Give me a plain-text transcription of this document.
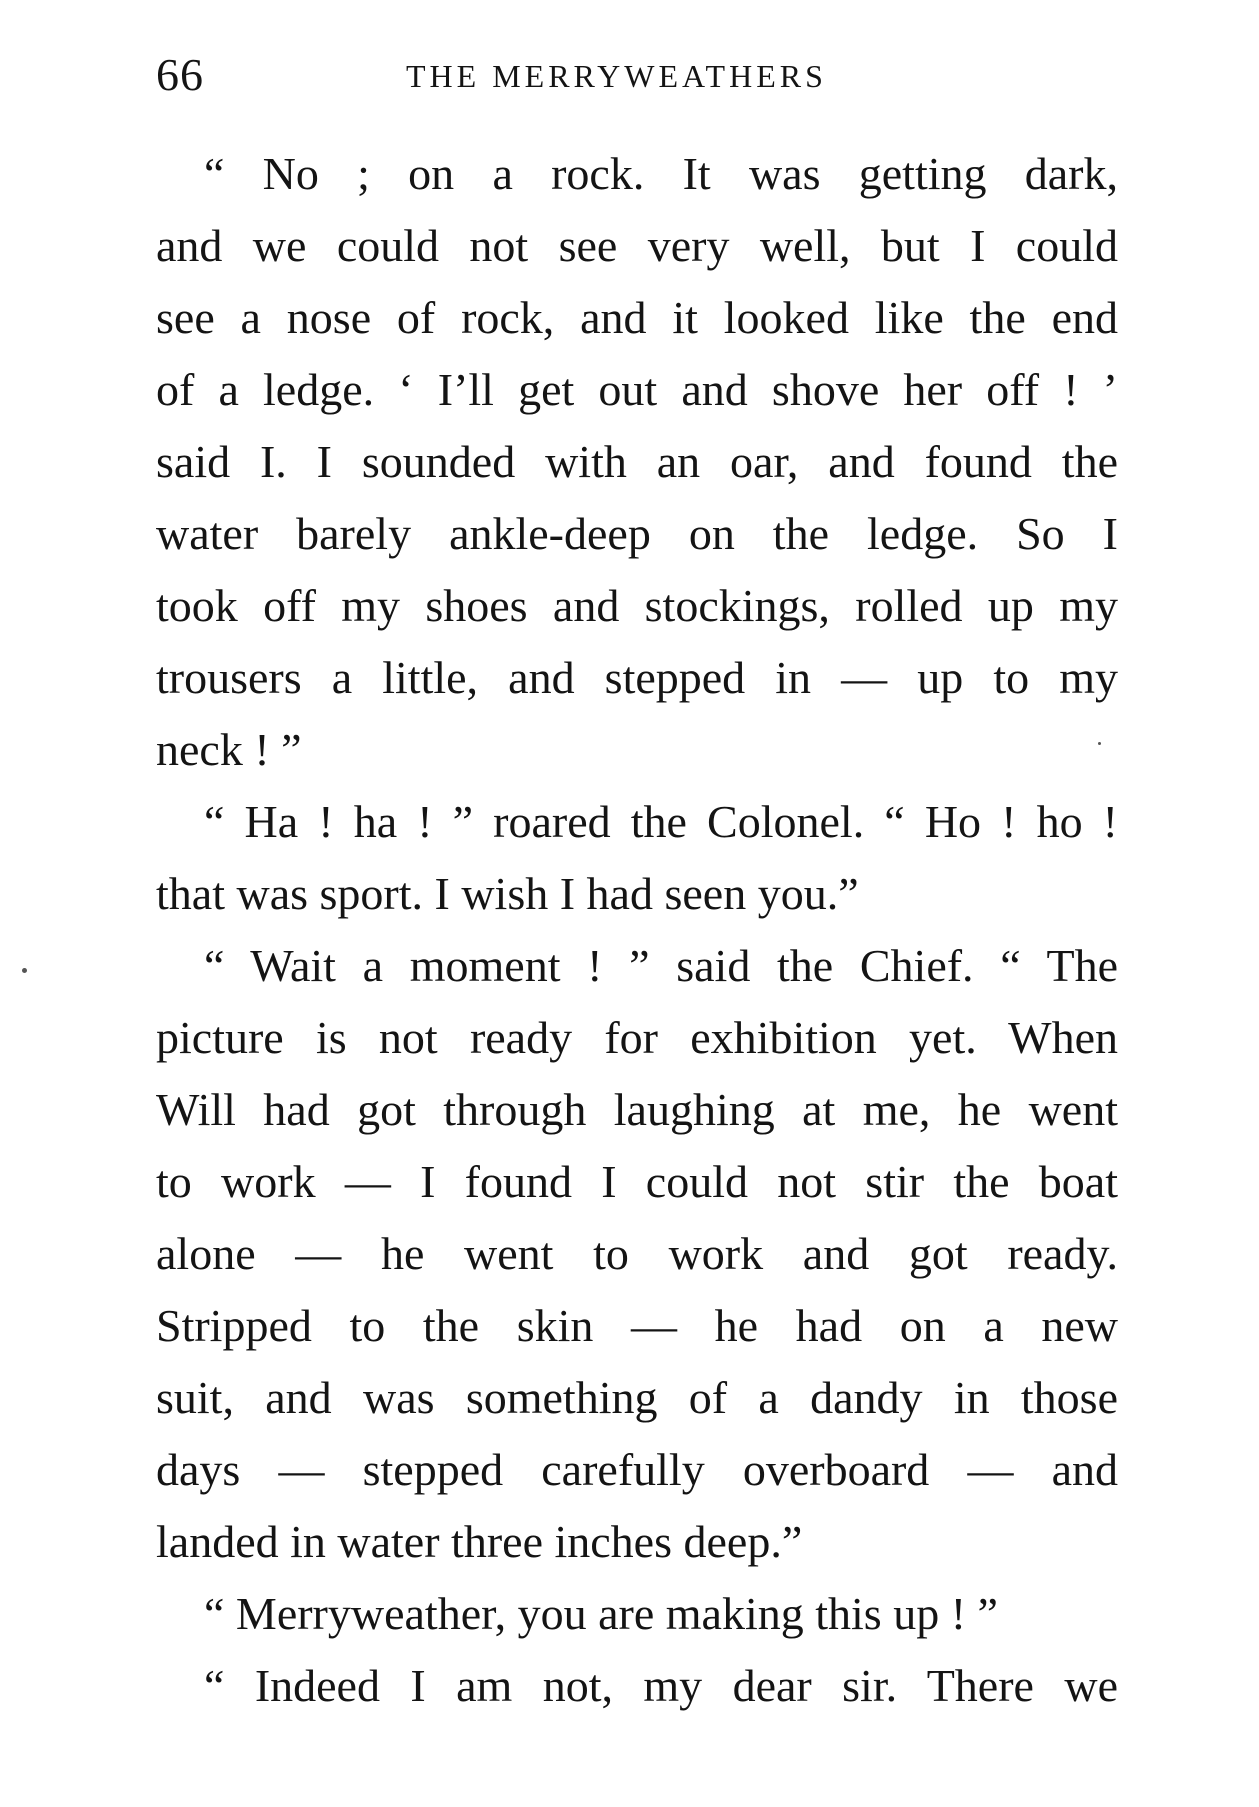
66	THE MERRYWEATHERS
“ No ; on a rock. It was getting dark,
and we could not see very well, but I could
see a nose of rock, and it looked like the end
of a ledge. ‘ I’ll get out and shove her off ! ’
said I. I sounded with an oar, and found the
water barely ankle-deep on the ledge. So I
took off my shoes and stockings, rolled up my
trousers a little, and stepped in — up to my
neck ! ”
“ Ha ! ha ! ” roared the Colonel. “ Ho ! ho !
that was sport. I wish I had seen you.”
“ Wait a moment ! ” said the Chief. “ The
picture is not ready for exhibition yet. When
Will had got through laughing at me, he went
to work — I found I could not stir the boat
alone — he went to work and got ready.
Stripped to the skin — he had on a new
suit, and was something of a dandy in those
days — stepped carefully overboard — and
landed in water three inches deep.”
“ Merryweather, you are making this up ! ”
“ Indeed I am not, my dear sir. There we
